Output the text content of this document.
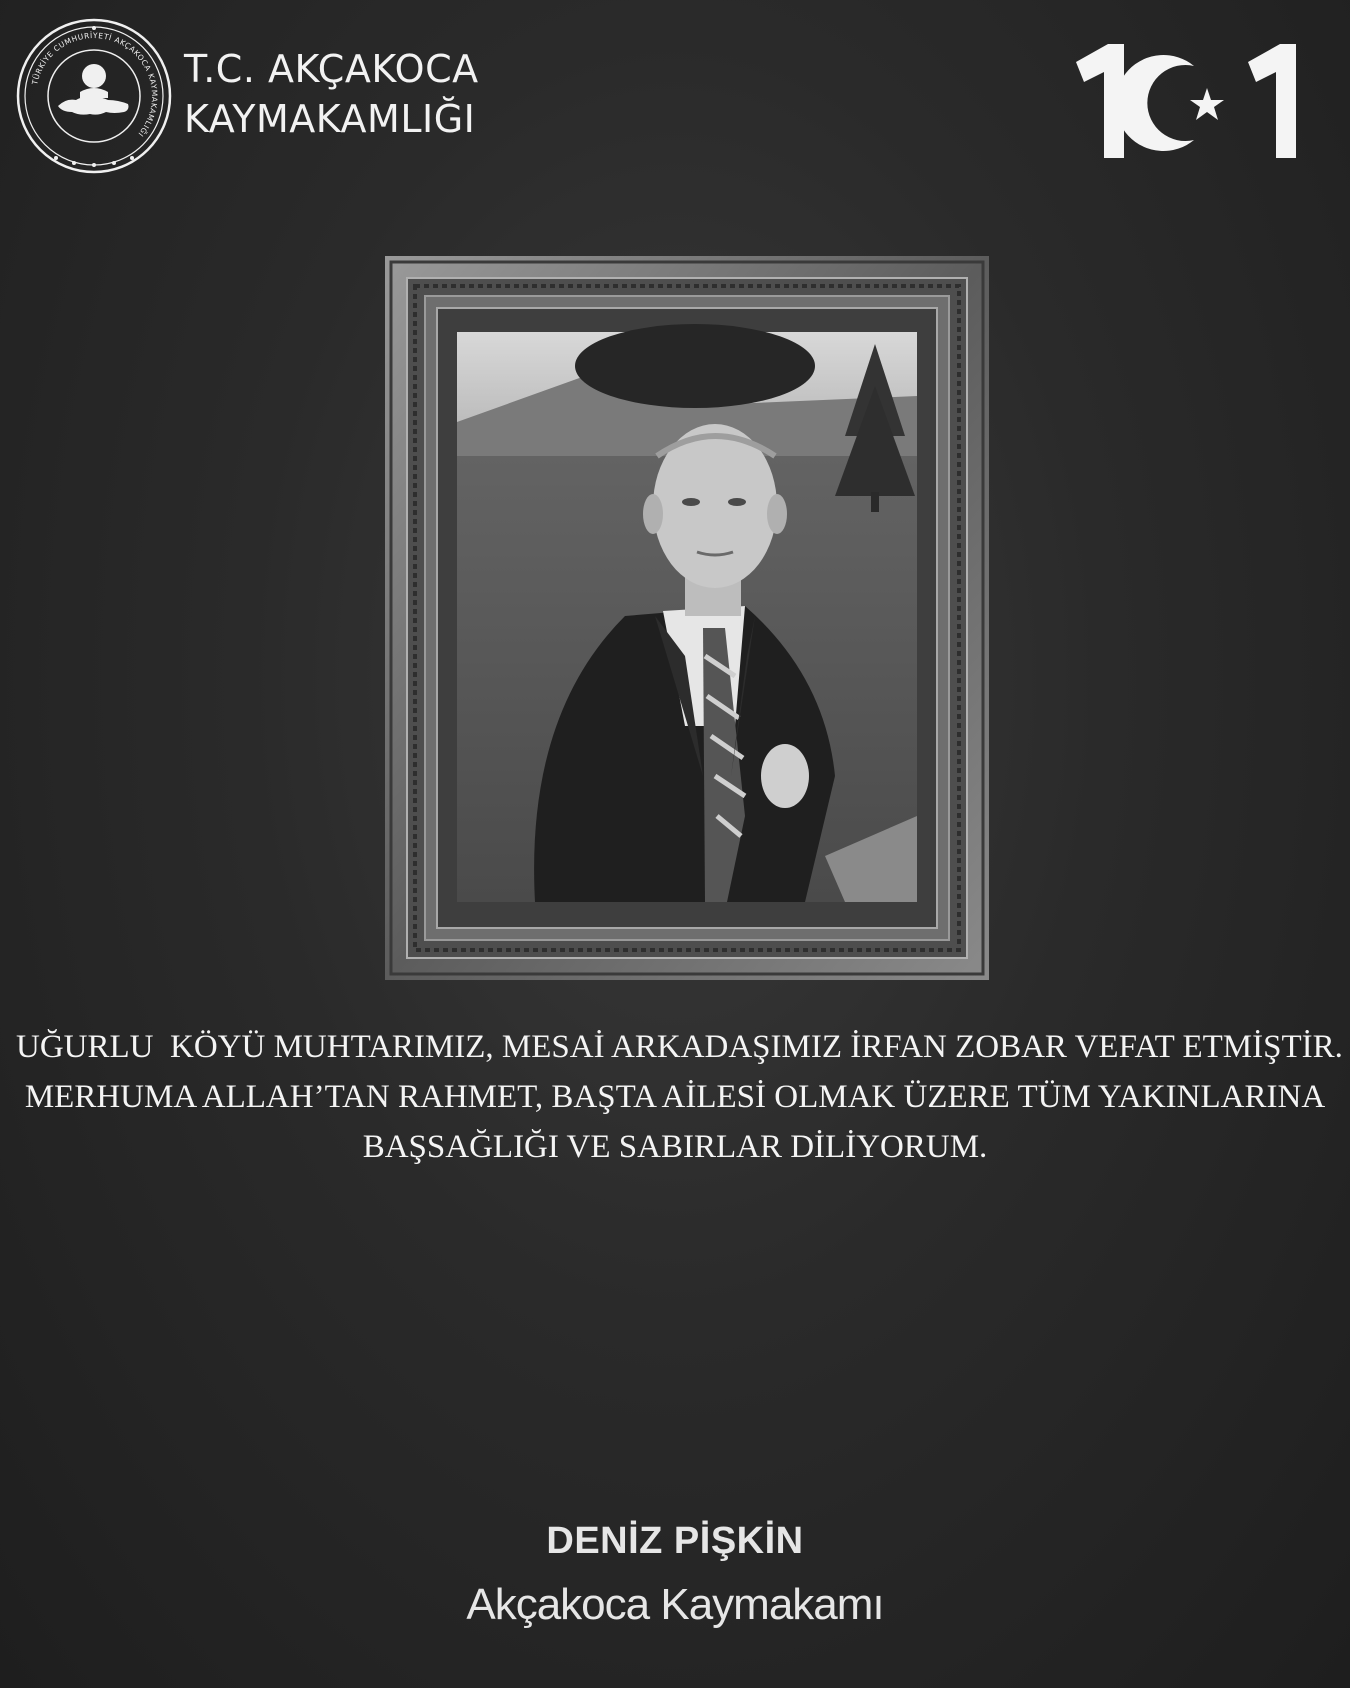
TÜRKİYE CUMHURİYETİ AKÇAKOCA KAYMAKAMLIĞI
T.C. AKÇAKOCA
KAYMAKAMLIĞI
UĞURLU  KÖYÜ MUHTARIMIZ, MESAİ ARKADAŞIMIZ İRFAN ZOBAR VEFAT ETMİŞTİR.
MERHUMA ALLAH’TAN RAHMET, BAŞTA AİLESİ OLMAK ÜZERE TÜM YAKINLARINA
BAŞSAĞLIĞI VE SABIRLAR DİLİYORUM.
DENİZ PİŞKİN
Akçakoca Kaymakamı
